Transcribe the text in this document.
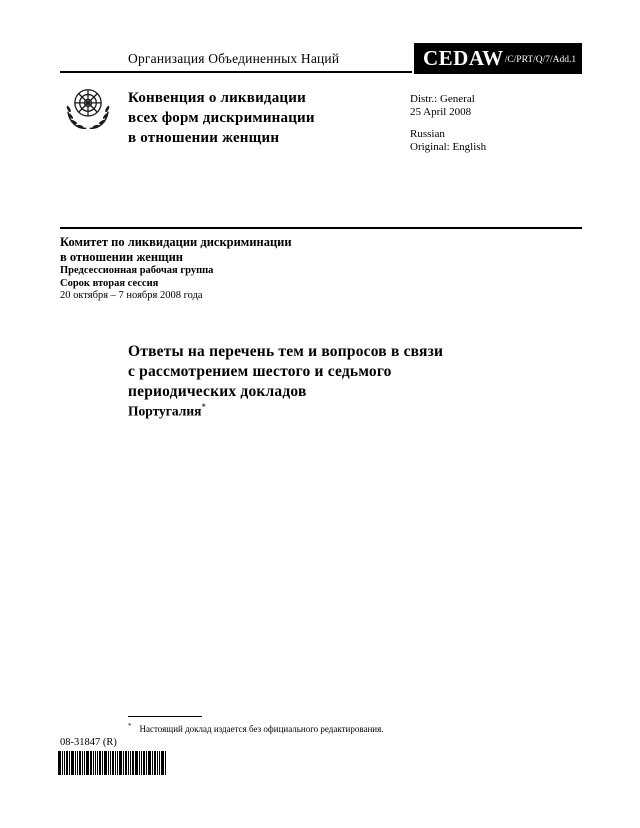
Организация Объединенных Наций	CEDAW /C/PRT/Q/7/Add.1
Конвенция о ликвидации
всех форм дискриминации
в отношении женщин
Distr.: General
25 April 2008
Russian
Original: English
Комитет по ликвидации дискриминации
в отношении женщин
Предсессионная рабочая группа
Сорок вторая сессия
20 октября – 7 ноября 2008 года
Ответы на перечень тем и вопросов в связи
с рассмотрением шестого и седьмого
периодических докладов
Португалия*
* Настоящий доклад издается без официального редактирования.
08-31847 (R)
